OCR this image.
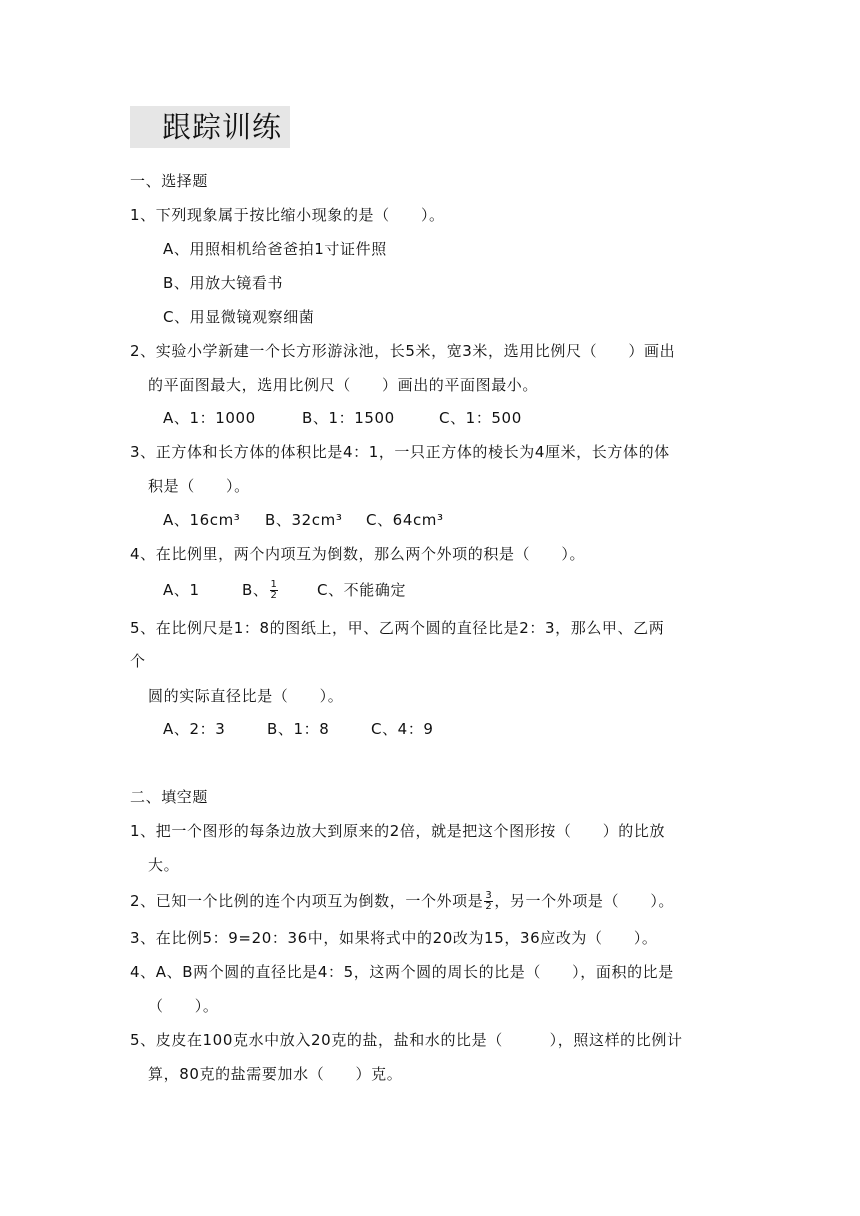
跟踪训练
一、选择题
1、下列现象属于按比缩小现象的是（　　）。
A、用照相机给爸爸拍1寸证件照
B、用放大镜看书
C、用显微镜观察细菌
2、实验小学新建一个长方形游泳池，长5米，宽3米，选用比例尺（　　）画出
的平面图最大，选用比例尺（　　）画出的平面图最小。
A、1：1000	B、1：1500	C、1：500
3、正方体和长方体的体积比是4：1，一只正方体的棱长为4厘米，长方体的体
积是（　　）。
A、16cm³ B、32cm³ C、64cm³
4、在比例里，两个内项互为倒数，那么两个外项的积是（　　）。
A、1	B、 $\frac{1}{2}$	C、不能确定
5、在比例尺是1：8的图纸上，甲、乙两个圆的直径比是2：3，那么甲、乙两
个
圆的实际直径比是（　　）。
A、2：3	B、1：8	C、4：9
二、填空题
1、把一个图形的每条边放大到原来的2倍，就是把这个图形按（　　）的比放
大。
2、已知一个比例的连个内项互为倒数，一个外项是 $\frac{3}{2}$ ，另一个外项是（　　）。
3、在比例5：9=20：36中，如果将式中的20改为15，36应改为（　　）。
4、A、B两个圆的直径比是4：5，这两个圆的周长的比是（　　），面积的比是
（　　）。
5、皮皮在100克水中放入20克的盐，盐和水的比是（　　　），照这样的比例计
算，80克的盐需要加水（　　）克。
